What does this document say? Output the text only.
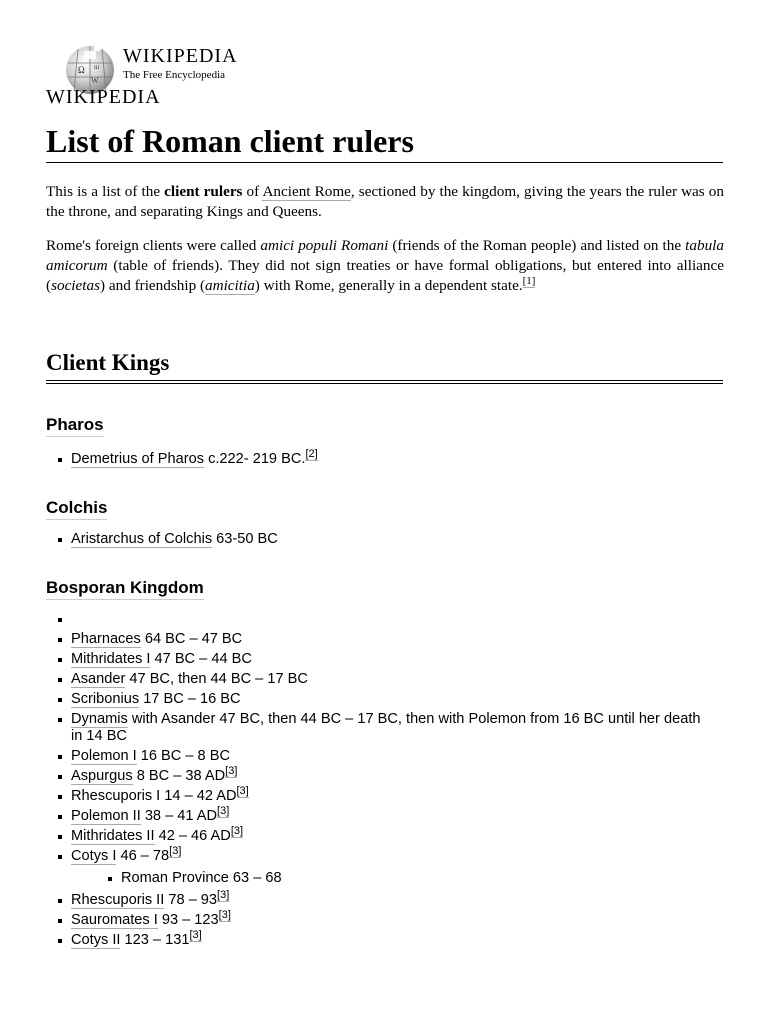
Ω
W
ш WIKIPEDIA
The Free Encyclopedia
WIKIPEDIA
List of Roman client rulers

This is a list of the client rulers of Ancient Rome, sectioned by the kingdom, giving the years the ruler was on the throne, and separating Kings and Queens.

Rome's foreign clients were called amici populi Romani (friends of the Roman people) and listed on the tabula amicorum (table of friends). They did not sign treaties or have formal obligations, but entered into alliance (societas) and friendship (amicitia) with Rome, generally in a dependent state.[1]

Client Kings
Pharos
Demetrius of Pharos c.222- 219 BC.[2]
Colchis
Aristarchus of Colchis 63-50 BC
Bosporan Kingdom

Pharnaces 64 BC – 47 BC
Mithridates I 47 BC – 44 BC
Asander 47 BC, then 44 BC – 17 BC
Scribonius 17 BC – 16 BC
Dynamis with Asander 47 BC, then 44 BC – 17 BC, then with Polemon from 16 BC until her death in 14 BC
Polemon I 16 BC – 8 BC
Aspurgus 8 BC – 38 AD[3]
Rhescuporis I 14 – 42 AD[3]
Polemon II 38 – 41 AD[3]
Mithridates II 42 – 46 AD[3]
Cotys I 46 – 78[3]
Roman Province 63 – 68
Rhescuporis II 78 – 93[3]
Sauromates I 93 – 123[3]
Cotys II 123 – 131[3]
